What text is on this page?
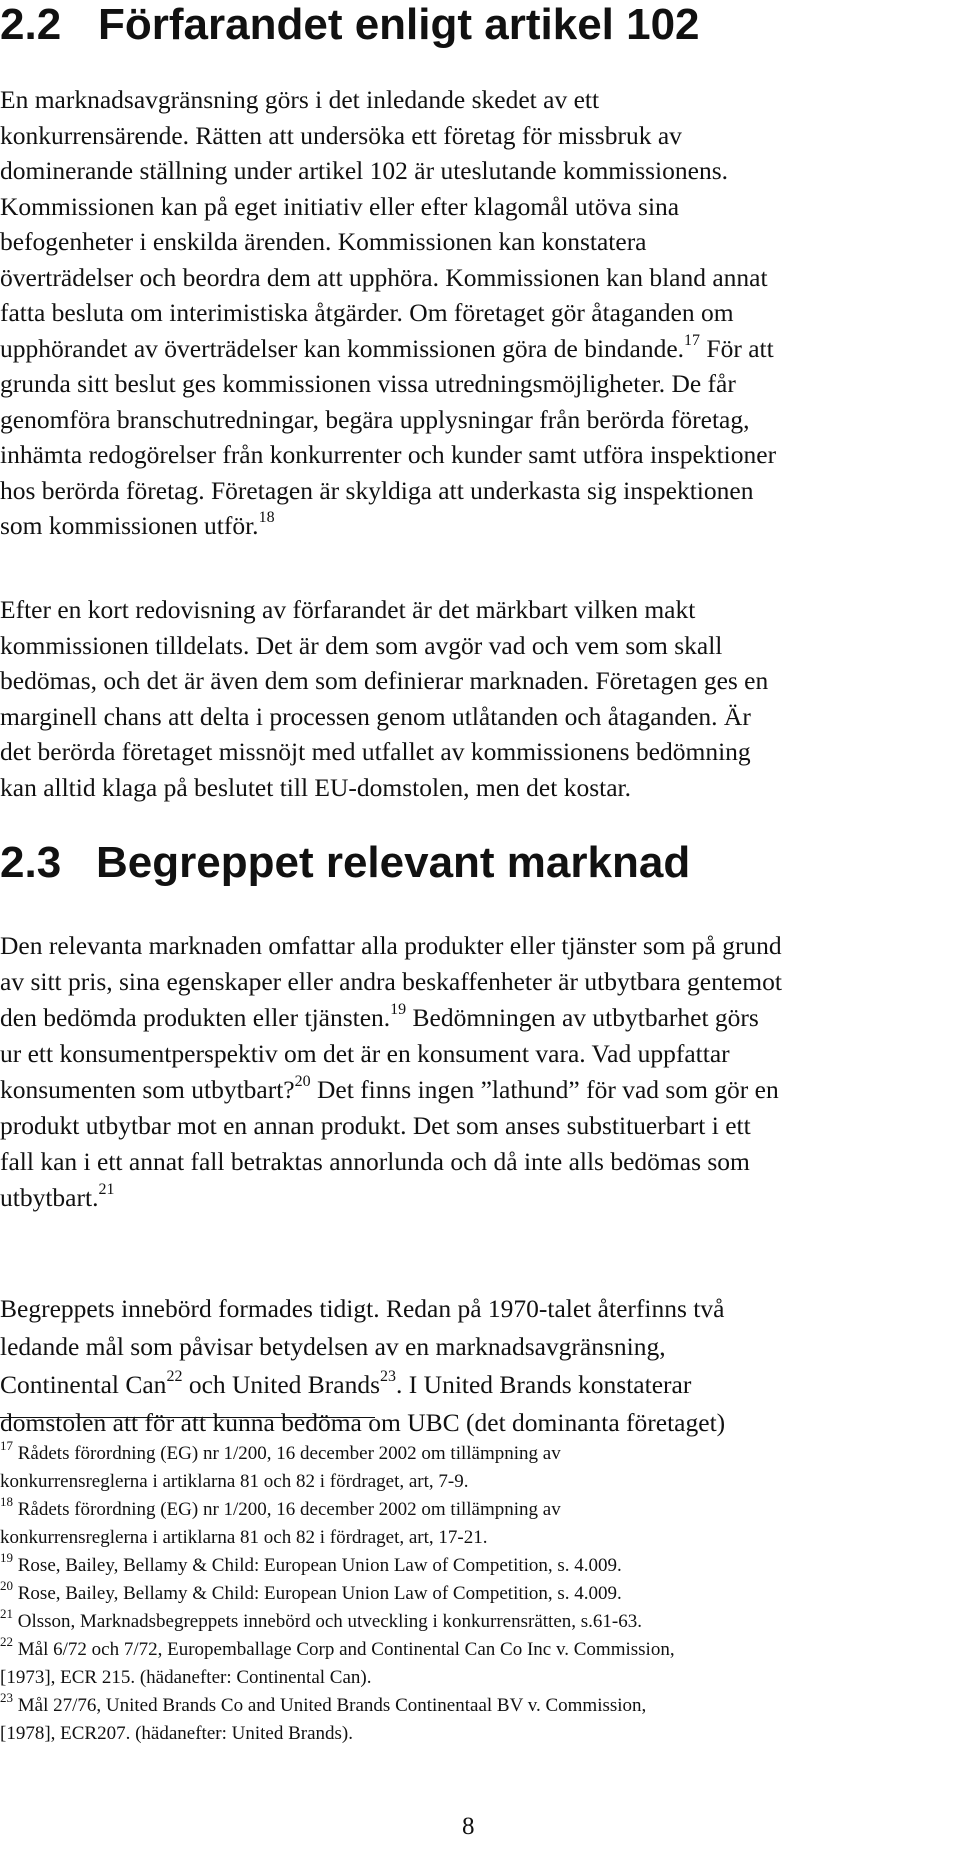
2.2 Förfarandet enligt artikel 102
En marknadsavgränsning görs i det inledande skedet av ett
konkurrensärende. Rätten att undersöka ett företag för missbruk av
dominerande ställning under artikel 102 är uteslutande kommissionens.
Kommissionen kan på eget initiativ eller efter klagomål utöva sina
befogenheter i enskilda ärenden. Kommissionen kan konstatera
överträdelser och beordra dem att upphöra. Kommissionen kan bland annat
fatta besluta om interimistiska åtgärder. Om företaget gör åtaganden om
upphörandet av överträdelser kan kommissionen göra de bindande.$^{17}$ För att
grunda sitt beslut ges kommissionen vissa utredningsmöjligheter. De får
genomföra branschutredningar, begära upplysningar från berörda företag,
inhämta redogörelser från konkurrenter och kunder samt utföra inspektioner
hos berörda företag. Företagen är skyldiga att underkasta sig inspektionen
som kommissionen utför.$^{18}$
Efter en kort redovisning av förfarandet är det märkbart vilken makt
kommissionen tilldelats. Det är dem som avgör vad och vem som skall
bedömas, och det är även dem som definierar marknaden. Företagen ges en
marginell chans att delta i processen genom utlåtanden och åtaganden. Är
det berörda företaget missnöjt med utfallet av kommissionens bedömning
kan alltid klaga på beslutet till EU-domstolen, men det kostar.
2.3 Begreppet relevant marknad
Den relevanta marknaden omfattar alla produkter eller tjänster som på grund
av sitt pris, sina egenskaper eller andra beskaffenheter är utbytbara gentemot
den bedömda produkten eller tjänsten.$^{19}$ Bedömningen av utbytbarhet görs
ur ett konsumentperspektiv om det är en konsument vara. Vad uppfattar
konsumenten som utbytbart?$^{20}$ Det finns ingen ”lathund” för vad som gör en
produkt utbytbar mot en annan produkt. Det som anses substituerbart i ett
fall kan i ett annat fall betraktas annorlunda och då inte alls bedömas som
utbytbart.$^{21}$
Begreppets innebörd formades tidigt. Redan på 1970-talet återfinns två
ledande mål som påvisar betydelsen av en marknadsavgränsning,
Continental Can$^{22}$ och United Brands$^{23}$. I United Brands konstaterar
domstolen att för att kunna bedöma om UBC (det dominanta företaget)
$^{17}$ Rådets förordning (EG) nr 1/200, 16 december 2002 om tillämpning av
konkurrensreglerna i artiklarna 81 och 82 i fördraget, art, 7-9.
$^{18}$ Rådets förordning (EG) nr 1/200, 16 december 2002 om tillämpning av
konkurrensreglerna i artiklarna 81 och 82 i fördraget, art, 17-21.
$^{19}$ Rose, Bailey, Bellamy & Child: European Union Law of Competition, s. 4.009.
$^{20}$ Rose, Bailey, Bellamy & Child: European Union Law of Competition, s. 4.009.
$^{21}$ Olsson, Marknadsbegreppets innebörd och utveckling i konkurrensrätten, s.61-63.
$^{22}$ Mål 6/72 och 7/72, Europemballage Corp and Continental Can Co Inc v. Commission,
[1973], ECR 215. (hädanefter: Continental Can).
$^{23}$ Mål 27/76, United Brands Co and United Brands Continentaal BV v. Commission,
[1978], ECR207. (hädanefter: United Brands).
8
